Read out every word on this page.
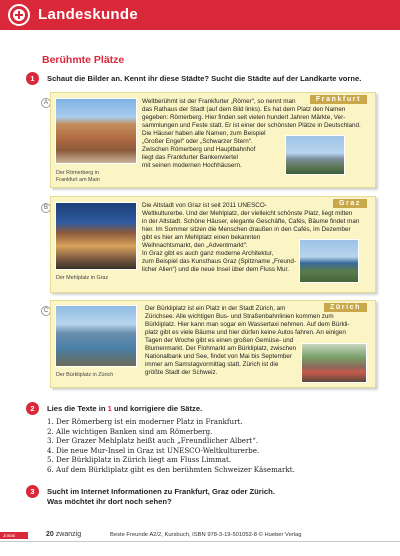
Landeskunde
Berühmte Plätze
1	Schaut die Bilder an. Kennt ihr diese Städte? Sucht die Städte auf der Landkarte vorne.
A	Frankfurt
Der Römerberg in
Frankfurt am Main
Weltberühmt ist der Frankfurter „Römer“, so nennt man
das Rathaus der Stadt (auf dem Bild links). Es hat dem Platz den Namen
gegeben: Römerberg. Hier finden seit vielen hundert Jahren Märkte, Ver-
sammlungen und Feste statt. Er ist einer der schönsten Plätze in Deutschland.
Die Häuser haben alle Namen, zum Beispiel
„Großer Engel“ oder „Schwarzer Stern“.
Zwischen Römerberg und Hauptbahnhof
liegt das Frankfurter Bankenviertel
mit seinen modernen Hochhäusern.
B
Graz
Der Mehlplatz in Graz
Die Altstadt von Graz ist seit 2011 UNESCO-
Weltkulturerbe. Und der Mehlplatz, der vielleicht schönste Platz, liegt mitten
in der Altstadt. Schöne Häuser, elegante Geschäfte, Cafés, Bäume findet man
hier. Im Sommer sitzen die Menschen draußen in den Cafés, im Dezember
gibt es hier am Mehlplatz einen bekannten
Weihnachtsmarkt, den „Adventmarkt“.
In Graz gibt es auch ganz moderne Architektur,
zum Beispiel das Kunsthaus Graz (Spitzname „Freund-
licher Alien“) und die neue Insel über dem Fluss Mur.
C	Zürich
Der Bürkliplatz in Zürich
Der Bürkliplatz ist ein Platz in der Stadt Zürich, am
Zürichsee. Alle wichtigen Bus- und Straßenbahnlinien kommen zum
Bürkliplatz. Hier kann man sogar ein Wassertaxi nehmen. Auf dem Bürkli-
platz gibt es viele Bäume und hier dürfen keine Autos fahren. An einigen
Tagen der Woche gibt es einen großen Gemüse- und
Blumenmarkt. Der Flohmarkt am Bürkliplatz, zwischen
Nationalbank und See, findet von Mai bis September
immer am Samstagvormittag statt. Zürich ist die
größte Stadt der Schweiz.
2	Lies die Texte in 1 und korrigiere die Sätze.
1. Der Römerberg ist ein moderner Platz in Frankfurt.
2. Alle wichtigen Banken sind am Römerberg.
3. Der Grazer Mehlplatz heißt auch „Freundlicher Albert“.
4. Die neue Mur-Insel in Graz ist UNESCO-Weltkulturerbe.
5. Der Bürkliplatz in Zürich liegt am Fluss Limmat.
6. Auf dem Bürkliplatz gibt es den berühmten Schweizer Käsemarkt.
3	Sucht im Internet Informationen zu Frankfurt, Graz oder Zürich.
Was möchtet ihr dort noch sehen?
Jonas	20 zwanzig	Beste Freunde A2/2, Kursbuch, ISBN 978-3-19-501052-8 © Hueber Verlag
